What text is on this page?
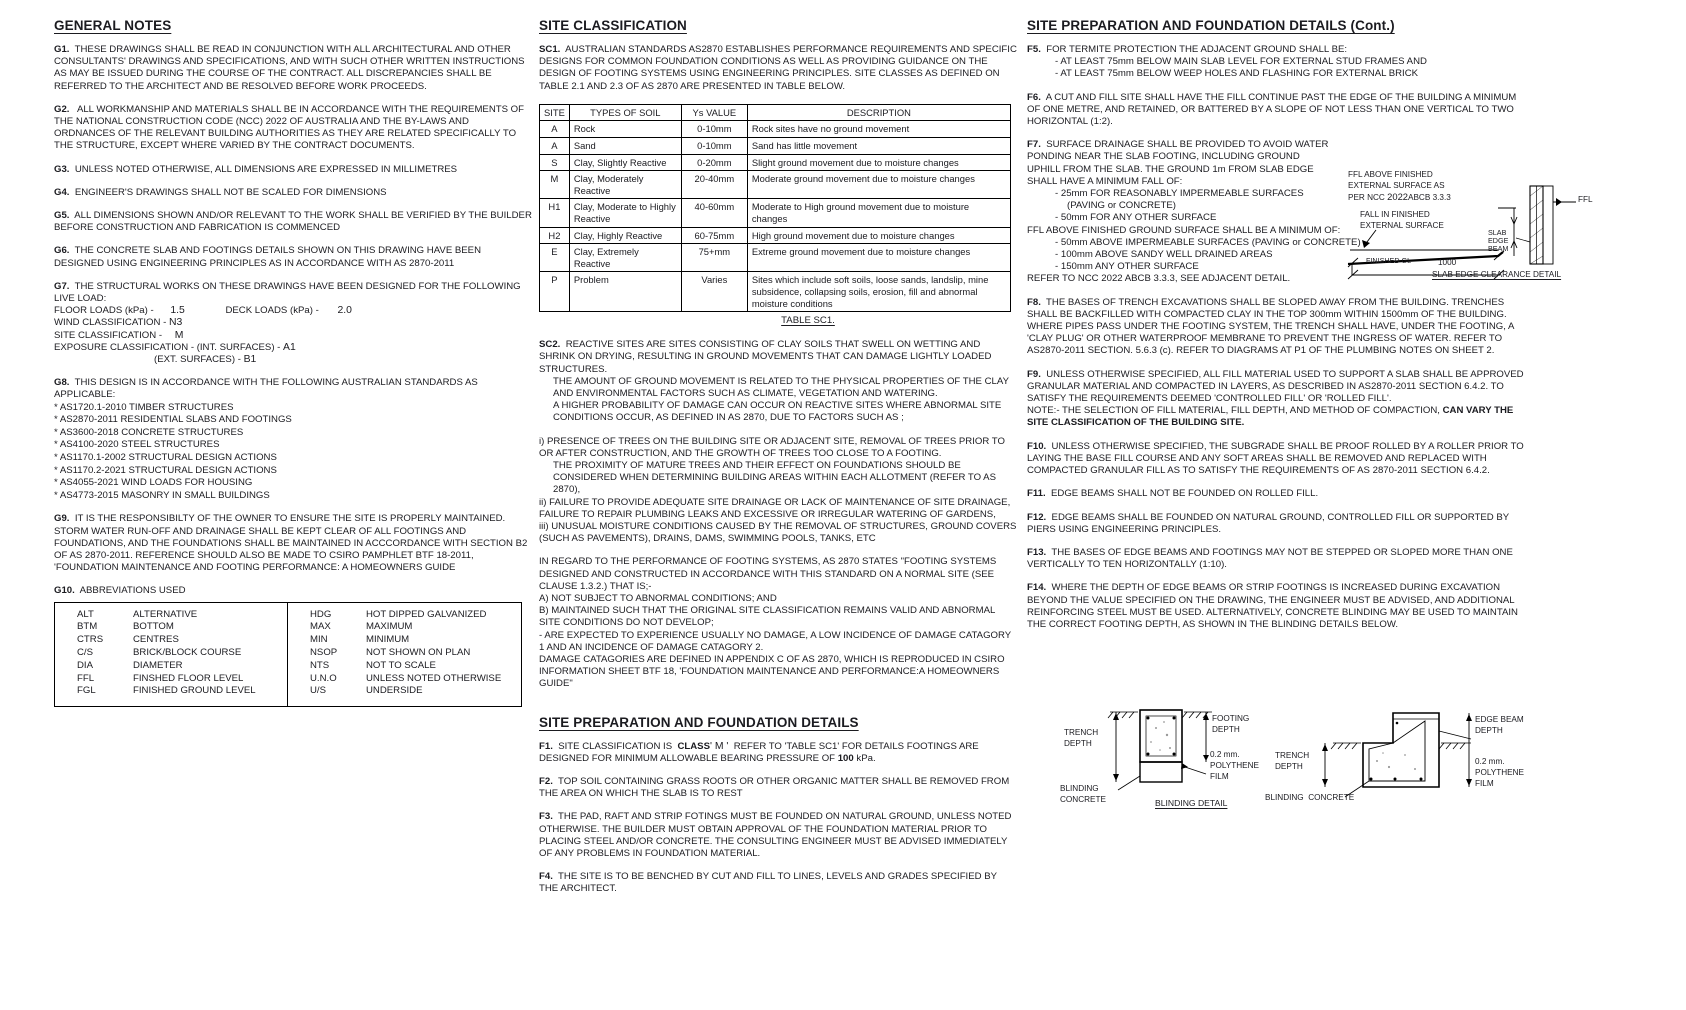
GENERAL NOTES

G1. THESE DRAWINGS SHALL BE READ IN CONJUNCTION WITH ALL ARCHITECTURAL AND OTHER CONSULTANTS' DRAWINGS AND SPECIFICATIONS, AND WITH SUCH OTHER WRITTEN INSTRUCTIONS AS MAY BE ISSUED DURING THE COURSE OF THE CONTRACT. ALL DISCREPANCIES SHALL BE REFERRED TO THE ARCHITECT AND BE RESOLVED BEFORE WORK PROCEEDS.

G2. ALL WORKMANSHIP AND MATERIALS SHALL BE IN ACCORDANCE WITH THE REQUIREMENTS OF THE NATIONAL CONSTRUCTION CODE (NCC) 2022 OF AUSTRALIA AND THE BY-LAWS AND ORDNANCES OF THE RELEVANT BUILDING AUTHORITIES AS THEY ARE RELATED SPECIFICALLY TO THE STRUCTURE, EXCEPT WHERE VARIED BY THE CONTRACT DOCUMENTS.

G3. UNLESS NOTED OTHERWISE, ALL DIMENSIONS ARE EXPRESSED IN MILLIMETRES

G4. ENGINEER'S DRAWINGS SHALL NOT BE SCALED FOR DIMENSIONS

G5. ALL DIMENSIONS SHOWN AND/OR RELEVANT TO THE WORK SHALL BE VERIFIED BY THE BUILDER BEFORE CONSTRUCTION AND FABRICATION IS COMMENCED

G6. THE CONCRETE SLAB AND FOOTINGS DETAILS SHOWN ON THIS DRAWING HAVE BEEN DESIGNED USING ENGINEERING PRINCIPLES AS IN ACCORDANCE WITH AS 2870-2011

G7. THE STRUCTURAL WORKS ON THESE DRAWINGS HAVE BEEN DESIGNED FOR THE FOLLOWING LIVE LOAD:

FLOOR LOADS (kPa) - 1.5	DECK LOADS (kPa) - 2.0
WIND CLASSIFICATION - N3
SITE CLASSIFICATION - M
EXPOSURE CLASSIFICATION - (INT. SURFACES) - A1
(EXT. SURFACES) - B1

G8. THIS DESIGN IS IN ACCORDANCE WITH THE FOLLOWING AUSTRALIAN STANDARDS AS APPLICABLE:

* AS1720.1-2010 TIMBER STRUCTURES
* AS2870-2011 RESIDENTIAL SLABS AND FOOTINGS
* AS3600-2018 CONCRETE STRUCTURES
* AS4100-2020 STEEL STRUCTURES
* AS1170.1-2002 STRUCTURAL DESIGN ACTIONS
* AS1170.2-2021 STRUCTURAL DESIGN ACTIONS
* AS4055-2021 WIND LOADS FOR HOUSING
* AS4773-2015 MASONRY IN SMALL BUILDINGS

G9. IT IS THE RESPONSIBILTY OF THE OWNER TO ENSURE THE SITE IS PROPERLY MAINTAINED. STORM WATER RUN-OFF AND DRAINAGE SHALL BE KEPT CLEAR OF ALL FOOTINGS AND FOUNDATIONS, AND THE FOUNDATIONS SHALL BE MAINTAINED IN ACCCORDANCE WITH SECTION B2 OF AS 2870-2011. REFERENCE SHOULD ALSO BE MADE TO CSIRO PAMPHLET BTF 18-2011, 'FOUNDATION MAINTENANCE AND FOOTING PERFORMANCE: A HOMEOWNERS GUIDE

G10. ABBREVIATIONS USED

ALT	ALTERNATIVE
BTM	BOTTOM
CTRS	CENTRES
C/S	BRICK/BLOCK COURSE
DIA	DIAMETER
FFL	FINSHED FLOOR LEVEL
FGL	FINISHED GROUND LEVEL
HDG	HOT DIPPED GALVANIZED
MAX	MAXIMUM
MIN	MINIMUM
NSOP	NOT SHOWN ON PLAN
NTS	NOT TO SCALE
U.N.O	UNLESS NOTED OTHERWISE
U/S	UNDERSIDE
SITE CLASSIFICATION

SC1. AUSTRALIAN STANDARDS AS2870 ESTABLISHES PERFORMANCE REQUIREMENTS AND SPECIFIC DESIGNS FOR COMMON FOUNDATION CONDITIONS AS WELL AS PROVIDING GUIDANCE ON THE DESIGN OF FOOTING SYSTEMS USING ENGINEERING PRINCIPLES. SITE CLASSES AS DEFINED ON TABLE 2.1 AND 2.3 OF AS 2870 ARE PRESENTED IN TABLE BELOW.

SITE	TYPES OF SOIL	Ys VALUE	DESCRIPTION
A	Rock	0-10mm	Rock sites have no ground movement
A	Sand	0-10mm	Sand has little movement
S	Clay, Slightly Reactive	0-20mm	Slight ground movement due to moisture changes
M	Clay, Moderately Reactive	20-40mm	Moderate ground movement due to moisture changes
H1	Clay, Moderate to Highly Reactive	40-60mm	Moderate to High ground movement due to moisture changes
H2	Clay, Highly Reactive	60-75mm	High ground movement due to moisture changes
E	Clay, Extremely Reactive	75+mm	Extreme ground movement due to moisture changes
P	Problem	Varies	Sites which include soft soils, loose sands, landslip, mine subsidence, collapsing soils, erosion, fill and abnormal moisture conditions
TABLE SC1.

SC2. REACTIVE SITES ARE SITES CONSISTING OF CLAY SOILS THAT SWELL ON WETTING AND SHRINK ON DRYING, RESULTING IN GROUND MOVEMENTS THAT CAN DAMAGE LIGHTLY LOADED STRUCTURES.

THE AMOUNT OF GROUND MOVEMENT IS RELATED TO THE PHYSICAL PROPERTIES OF THE CLAY AND ENVIRONMENTAL FACTORS SUCH AS CLIMATE, VEGETATION AND WATERING.

A HIGHER PROBABILITY OF DAMAGE CAN OCCUR ON REACTIVE SITES WHERE ABNORMAL SITE CONDITIONS OCCUR, AS DEFINED IN AS 2870, DUE TO FACTORS SUCH AS ;

i) PRESENCE OF TREES ON THE BUILDING SITE OR ADJACENT SITE, REMOVAL OF TREES PRIOR TO OR AFTER CONSTRUCTION, AND THE GROWTH OF TREES TOO CLOSE TO A FOOTING.

THE PROXIMITY OF MATURE TREES AND THEIR EFFECT ON FOUNDATIONS SHOULD BE CONSIDERED WHEN DETERMINING BUILDING AREAS WITHIN EACH ALLOTMENT (REFER TO AS 2870),

ii) FAILURE TO PROVIDE ADEQUATE SITE DRAINAGE OR LACK OF MAINTENANCE OF SITE DRAINAGE, FAILURE TO REPAIR PLUMBING LEAKS AND EXCESSIVE OR IRREGULAR WATERING OF GARDENS,

iii) UNUSUAL MOISTURE CONDITIONS CAUSED BY THE REMOVAL OF STRUCTURES, GROUND COVERS (SUCH AS PAVEMENTS), DRAINS, DAMS, SWIMMING POOLS, TANKS, ETC

IN REGARD TO THE PERFORMANCE OF FOOTING SYSTEMS, AS 2870 STATES "FOOTING SYSTEMS DESIGNED AND CONSTRUCTED IN ACCORDANCE WITH THIS STANDARD ON A NORMAL SITE (SEE CLAUSE 1.3.2.) THAT IS;-

A) NOT SUBJECT TO ABNORMAL CONDITIONS; AND

B) MAINTAINED SUCH THAT THE ORIGINAL SITE CLASSIFICATION REMAINS VALID AND ABNORMAL SITE CONDITIONS DO NOT DEVELOP;

- ARE EXPECTED TO EXPERIENCE USUALLY NO DAMAGE, A LOW INCIDENCE OF DAMAGE CATAGORY 1 AND AN INCIDENCE OF DAMAGE CATAGORY 2.

DAMAGE CATAGORIES ARE DEFINED IN APPENDIX C OF AS 2870, WHICH IS REPRODUCED IN CSIRO INFORMATION SHEET BTF 18, 'FOUNDATION MAINTENANCE AND PERFORMANCE:A HOMEOWNERS GUIDE"

SITE PREPARATION AND FOUNDATION DETAILS

F1. SITE CLASSIFICATION IS CLASS' M ' REFER TO 'TABLE SC1' FOR DETAILS FOOTINGS ARE DESIGNED FOR MINIMUM ALLOWABLE BEARING PRESSURE OF 100 kPa.

F2. TOP SOIL CONTAINING GRASS ROOTS OR OTHER ORGANIC MATTER SHALL BE REMOVED FROM THE AREA ON WHICH THE SLAB IS TO REST

F3. THE PAD, RAFT AND STRIP FOTINGS MUST BE FOUNDED ON NATURAL GROUND, UNLESS NOTED OTHERWISE. THE BUILDER MUST OBTAIN APPROVAL OF THE FOUNDATION MATERIAL PRIOR TO PLACING STEEL AND/OR CONCRETE. THE CONSULTING ENGINEER MUST BE ADVISED IMMEDIATELY OF ANY PROBLEMS IN FOUNDATION MATERIAL.

F4. THE SITE IS TO BE BENCHED BY CUT AND FILL TO LINES, LEVELS AND GRADES SPECIFIED BY THE ARCHITECT.

SITE PREPARATION AND FOUNDATION DETAILS (Cont.)

F5. FOR TERMITE PROTECTION THE ADJACENT GROUND SHALL BE:

- AT LEAST 75mm BELOW MAIN SLAB LEVEL FOR EXTERNAL STUD FRAMES AND
- AT LEAST 75mm BELOW WEEP HOLES AND FLASHING FOR EXTERNAL BRICK

F6. A CUT AND FILL SITE SHALL HAVE THE FILL CONTINUE PAST THE EDGE OF THE BUILDING A MINIMUM OF ONE METRE, AND RETAINED, OR BATTERED BY A SLOPE OF NOT LESS THAN ONE VERTICAL TO TWO HORIZONTAL (1:2).

F7. SURFACE DRAINAGE SHALL BE PROVIDED TO AVOID WATER PONDING NEAR THE SLAB FOOTING, INCLUDING GROUND UPHILL FROM THE SLAB. THE GROUND 1m FROM SLAB EDGE SHALL HAVE A MINIMUM FALL OF:

- 25mm FOR REASONABLY IMPERMEABLE SURFACES
(PAVING or CONCRETE)
- 50mm FOR ANY OTHER SURFACE
FFL ABOVE FINISHED GROUND SURFACE SHALL BE A MINIMUM OF:
- 50mm ABOVE IMPERMEABLE SURFACES (PAVING or CONCRETE)
- 100mm ABOVE SANDY WELL DRAINED AREAS
- 150mm ANY OTHER SURFACE
REFER TO NCC 2022 ABCB 3.3.3, SEE ADJACENT DETAIL.

F8. THE BASES OF TRENCH EXCAVATIONS SHALL BE SLOPED AWAY FROM THE BUILDING. TRENCHES SHALL BE BACKFILLED WITH COMPACTED CLAY IN THE TOP 300mm WITHIN 1500mm OF THE BUILDING. WHERE PIPES PASS UNDER THE FOOTING SYSTEM, THE TRENCH SHALL HAVE, UNDER THE FOOTING, A 'CLAY PLUG' OR OTHER WATERPROOF MEMBRANE TO PREVENT THE INGRESS OF WATER. REFER TO AS2870-2011 SECTION. 5.6.3 (c). REFER TO DIAGRAMS AT P1 OF THE PLUMBING NOTES ON SHEET 2.

F9. UNLESS OTHERWISE SPECIFIED, ALL FILL MATERIAL USED TO SUPPORT A SLAB SHALL BE APPROVED GRANULAR MATERIAL AND COMPACTED IN LAYERS, AS DESCRIBED IN AS2870-2011 SECTION 6.4.2. TO SATISFY THE REQUIREMENTS DEEMED 'CONTROLLED FILL' OR 'ROLLED FILL'.

NOTE:- THE SELECTION OF FILL MATERIAL, FILL DEPTH, AND METHOD OF COMPACTION, CAN VARY THE SITE CLASSIFICATION OF THE BUILDING SITE.

F10. UNLESS OTHERWISE SPECIFIED, THE SUBGRADE SHALL BE PROOF ROLLED BY A ROLLER PRIOR TO LAYING THE BASE FILL COURSE AND ANY SOFT AREAS SHALL BE REMOVED AND REPLACED WITH COMPACTED GRANULAR FILL AS TO SATISFY THE REQUIREMENTS OF AS 2870-2011 SECTION 6.4.2.

F11. EDGE BEAMS SHALL NOT BE FOUNDED ON ROLLED FILL.

F12. EDGE BEAMS SHALL BE FOUNDED ON NATURAL GROUND, CONTROLLED FILL OR SUPPORTED BY PIERS USING ENGINEERING PRINCIPLES.

F13. THE BASES OF EDGE BEAMS AND FOOTINGS MAY NOT BE STEPPED OR SLOPED MORE THAN ONE VERTICALLY TO TEN HORIZONTALLY (1:10).

F14. WHERE THE DEPTH OF EDGE BEAMS OR STRIP FOOTINGS IS INCREASED DURING EXCAVATION BEYOND THE VALUE SPECIFIED ON THE DRAWING, THE ENGINEER MUST BE ADVISED, AND ADDITIONAL REINFORCING STEEL MUST BE USED. ALTERNATIVELY, CONCRETE BLINDING MAY BE USED TO MAINTAIN THE CORRECT FOOTING DEPTH, AS SHOWN IN THE BLINDING DETAILS BELOW.

FFL ABOVE FINISHED
EXTERNAL SURFACE AS
PER NCC 2022ABCB 3.3.3
FALL IN FINISHED
EXTERNAL SURFACE
FINISHED GL	1000
FFL
SLAB
EDGE
BEAM
SLAB EDGE CLEARANCE DETAIL
TRENCH
DEPTH
FOOTING
DEPTH
0.2 mm.
POLYTHENE
FILM
BLINDING
CONCRETE	BLINDING DETAIL
TRENCH
DEPTH
EDGE BEAM
DEPTH
0.2 mm.
POLYTHENE
FILM
BLINDING  CONCRETE
